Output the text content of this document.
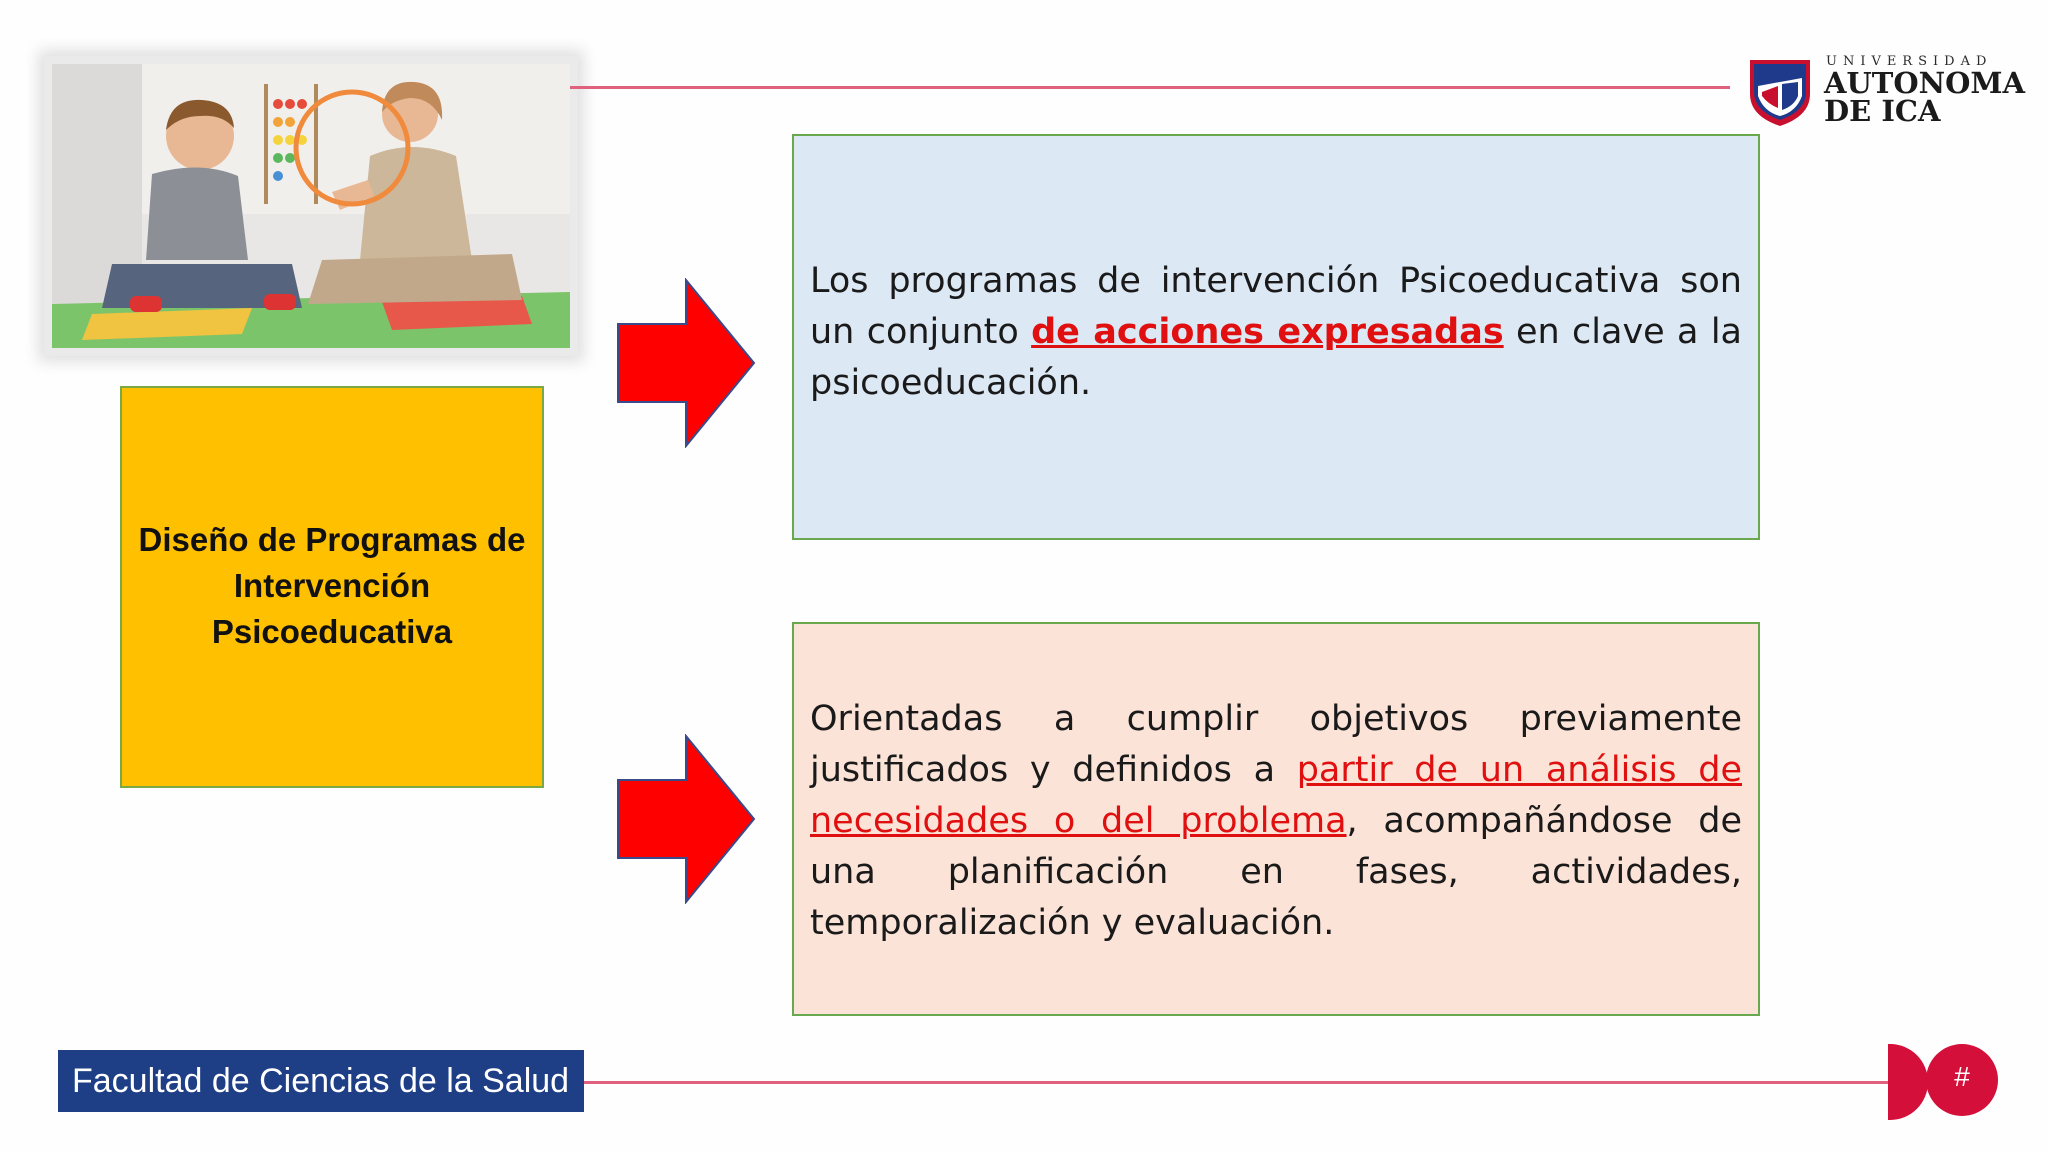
UNIVERSIDAD
AUTONOMA
DE ICA
Diseño de Programas de
Intervención
Psicoeducativa

Los programas de intervención Psicoeducativa son un conjunto de acciones expresadas en clave a la psicoeducación.

Orientadas a cumplir objetivos previamente justificados y definidos a partir de un análisis de necesidades o del problema, acompañándose de una planificación en fases, actividades, temporalización y evaluación.

Facultad de Ciencias de la Salud	#
